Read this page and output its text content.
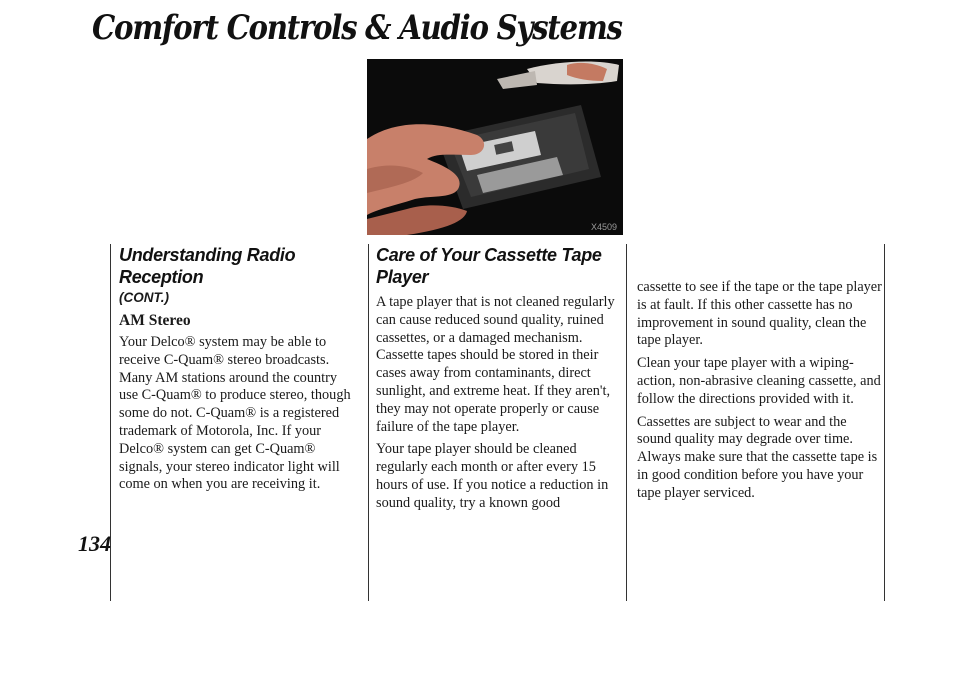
Comfort Controls & Audio Systems
134
X4509
Understanding Radio Reception
(CONT.)
AM Stereo

Your Delco® system may be able to receive C-Quam® stereo broadcasts. Many AM stations around the country use C-Quam® to produce stereo, though some do not. C-Quam® is a registered trademark of Motorola, Inc. If your Delco® system can get C-Quam® signals, your stereo indicator light will come on when you are receiving it.

Care of Your Cassette Tape Player

A tape player that is not cleaned regularly can cause reduced sound quality, ruined cassettes, or a damaged mechanism. Cassette tapes should be stored in their cases away from contaminants, direct sunlight, and extreme heat. If they aren't, they may not operate properly or cause failure of the tape player.

Your tape player should be cleaned regularly each month or after every 15 hours of use. If you notice a reduction in sound quality, try a known good

cassette to see if the tape or the tape player is at fault. If this other cassette has no improvement in sound quality, clean the tape player.

Clean your tape player with a wiping-action, non-abrasive cleaning cassette, and follow the directions provided with it.

Cassettes are subject to wear and the sound quality may degrade over time. Always make sure that the cassette tape is in good condition before you have your tape player serviced.
